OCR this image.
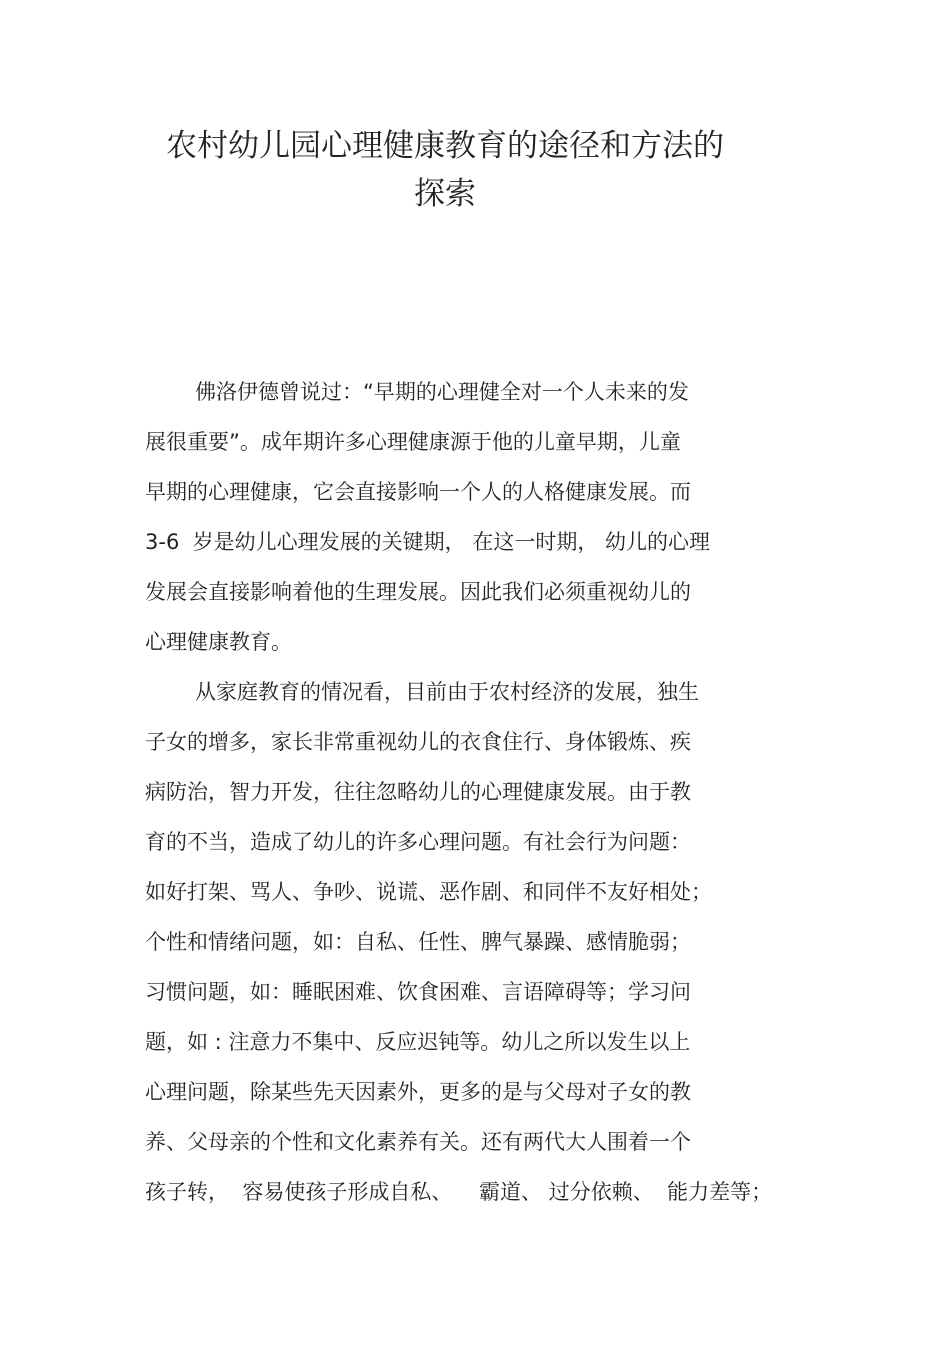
农村幼儿园心理健康教育的途径和方法的
探索
佛洛伊德曾说过：“早期的心理健全对一个人未来的发
展很重要”。成年期许多心理健康源于他的儿童早期，儿童
早期的心理健康，它会直接影响一个人的人格健康发展。而
3-6  岁是幼儿心理发展的关键期， 在这一时期， 幼儿的心理
发展会直接影响着他的生理发展。因此我们必须重视幼儿的
心理健康教育。
从家庭教育的情况看，目前由于农村经济的发展，独生
子女的增多，家长非常重视幼儿的衣食住行、身体锻炼、疾
病防治，智力开发，往往忽略幼儿的心理健康发展。由于教
育的不当，造成了幼儿的许多心理问题。有社会行为问题：
如好打架、骂人、争吵、说谎、恶作剧、和同伴不友好相处；
个性和情绪问题，如：自私、任性、脾气暴躁、感情脆弱；
习惯问题，如：睡眠困难、饮食困难、言语障碍等；学习问
题，如 : 注意力不集中、反应迟钝等。幼儿之所以发生以上
心理问题，除某些先天因素外，更多的是与父母对子女的教
养、父母亲的个性和文化素养有关。还有两代大人围着一个
孩子转，  容易使孩子形成自私、    霸道、 过分依赖、  能力差等；
